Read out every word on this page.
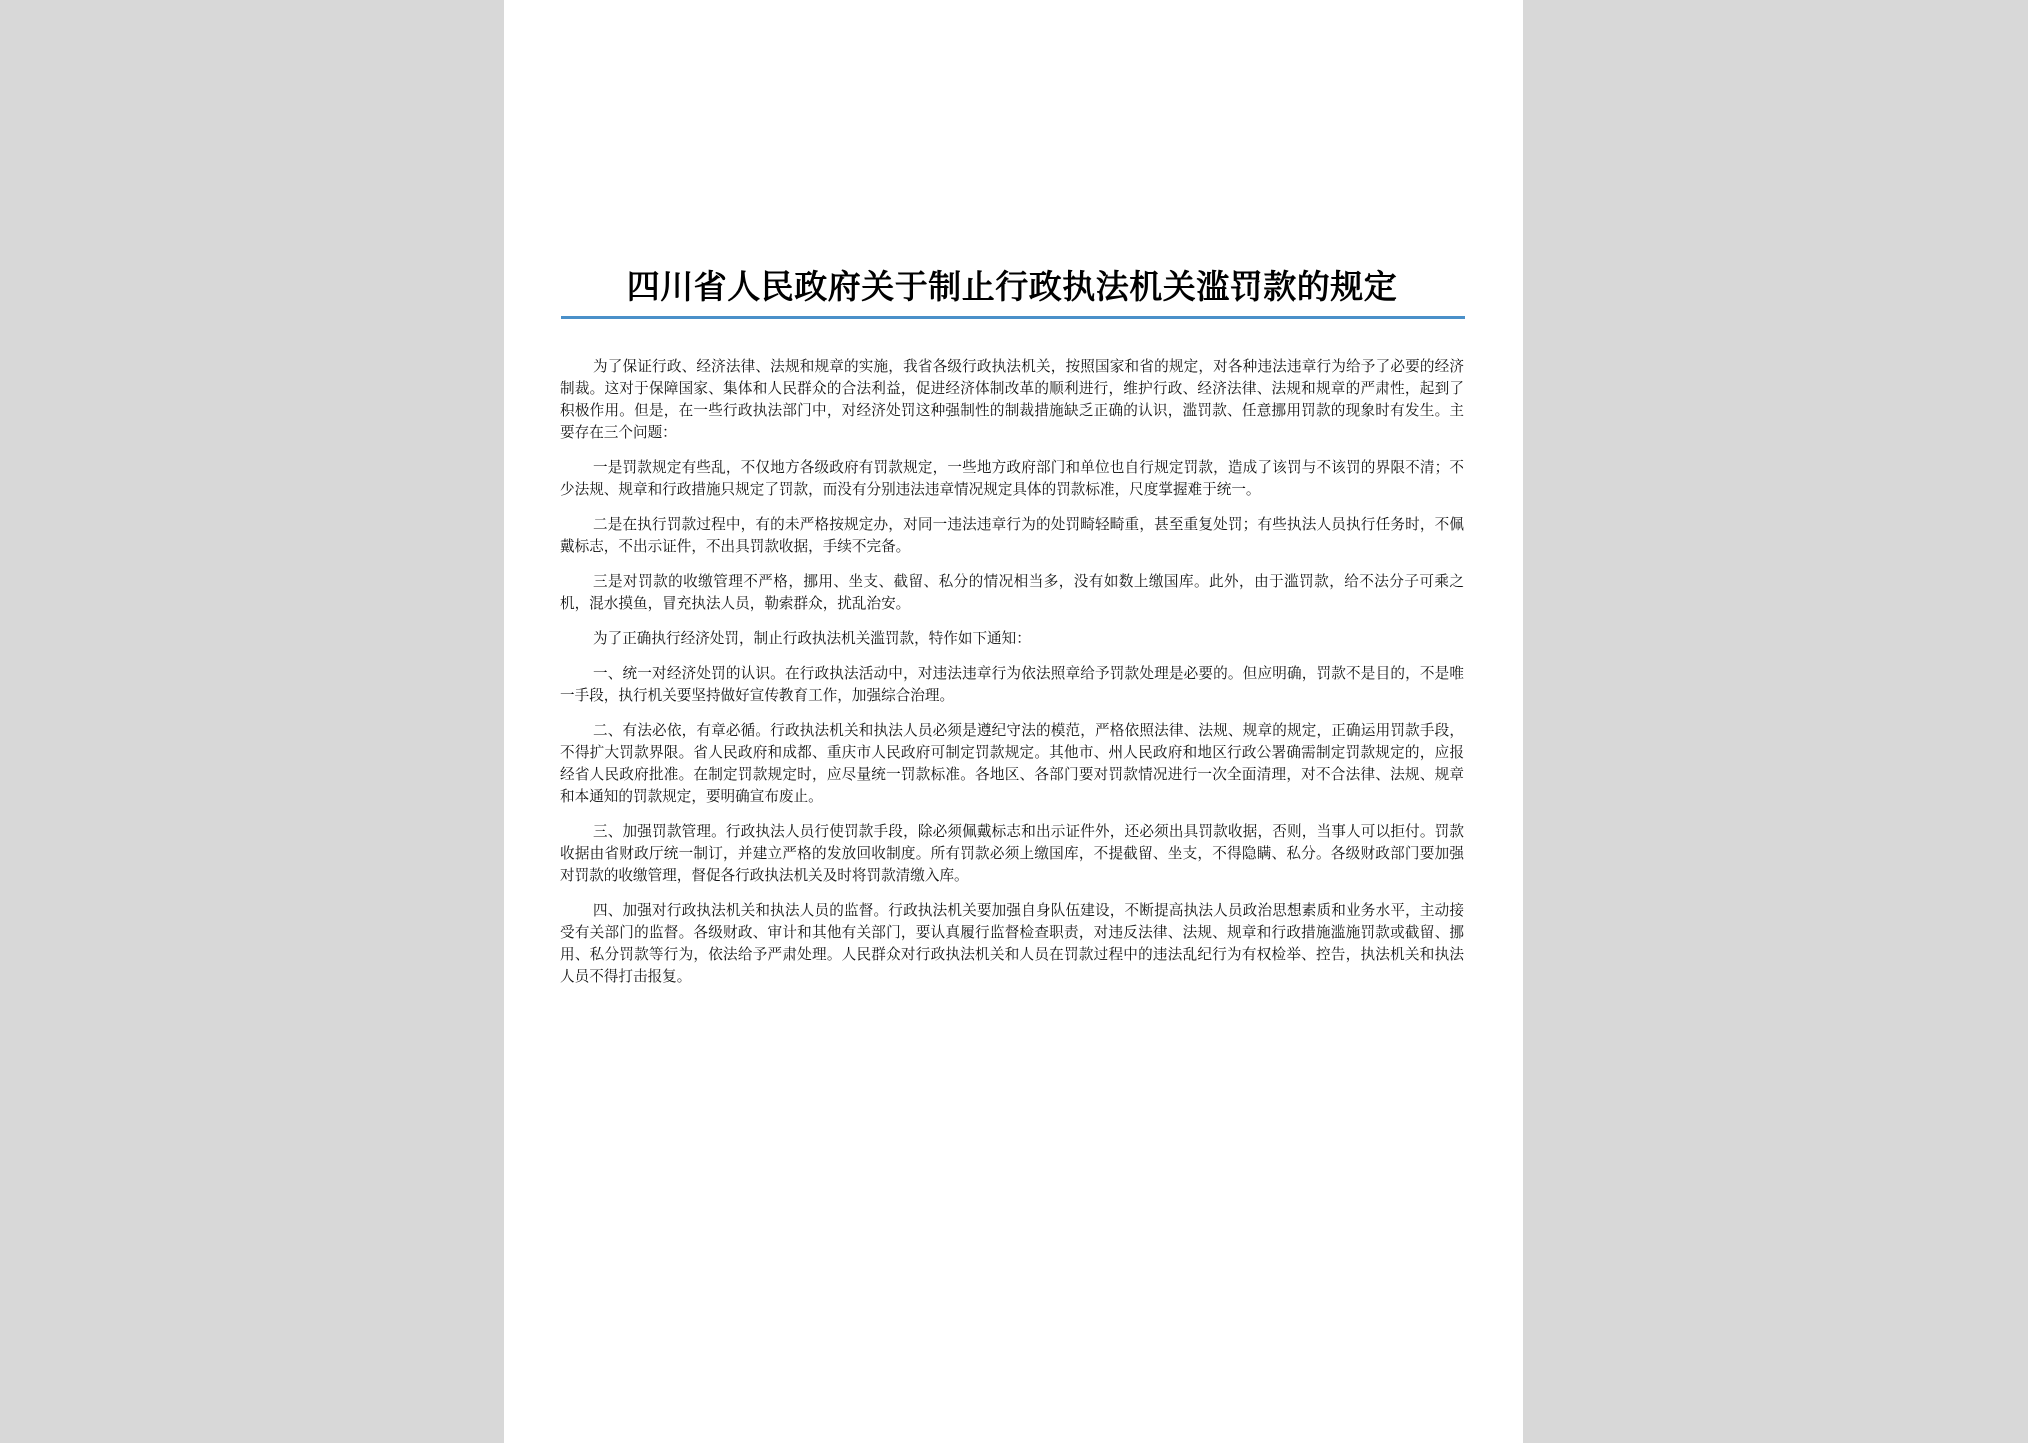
四川省人民政府关于制止行政执法机关滥罚款的规定

为了保证行政、经济法律、法规和规章的实施，我省各级行政执法机关，按照国家和省的规定，对各种违法违章行为给予了必要的经济制裁。这对于保障国家、集体和人民群众的合法利益，促进经济体制改革的顺利进行，维护行政、经济法律、法规和规章的严肃性，起到了积极作用。但是，在一些行政执法部门中，对经济处罚这种强制性的制裁措施缺乏正确的认识，滥罚款、任意挪用罚款的现象时有发生。主要存在三个问题：

一是罚款规定有些乱，不仅地方各级政府有罚款规定，一些地方政府部门和单位也自行规定罚款，造成了该罚与不该罚的界限不清；不少法规、规章和行政措施只规定了罚款，而没有分别违法违章情况规定具体的罚款标准，尺度掌握难于统一。

二是在执行罚款过程中，有的未严格按规定办，对同一违法违章行为的处罚畸轻畸重，甚至重复处罚；有些执法人员执行任务时，不佩戴标志，不出示证件，不出具罚款收据，手续不完备。

三是对罚款的收缴管理不严格，挪用、坐支、截留、私分的情况相当多，没有如数上缴国库。此外，由于滥罚款，给不法分子可乘之机，混水摸鱼，冒充执法人员，勒索群众，扰乱治安。

为了正确执行经济处罚，制止行政执法机关滥罚款，特作如下通知：

一、统一对经济处罚的认识。在行政执法活动中，对违法违章行为依法照章给予罚款处理是必要的。但应明确，罚款不是目的，不是唯一手段，执行机关要坚持做好宣传教育工作，加强综合治理。

二、有法必依，有章必循。行政执法机关和执法人员必须是遵纪守法的模范，严格依照法律、法规、规章的规定，正确运用罚款手段，不得扩大罚款界限。省人民政府和成都、重庆市人民政府可制定罚款规定。其他市、州人民政府和地区行政公署确需制定罚款规定的，应报经省人民政府批准。在制定罚款规定时，应尽量统一罚款标准。各地区、各部门要对罚款情况进行一次全面清理，对不合法律、法规、规章和本通知的罚款规定，要明确宣布废止。

三、加强罚款管理。行政执法人员行使罚款手段，除必须佩戴标志和出示证件外，还必须出具罚款收据，否则，当事人可以拒付。罚款收据由省财政厅统一制订，并建立严格的发放回收制度。所有罚款必须上缴国库，不提截留、坐支，不得隐瞒、私分。各级财政部门要加强对罚款的收缴管理，督促各行政执法机关及时将罚款清缴入库。

四、加强对行政执法机关和执法人员的监督。行政执法机关要加强自身队伍建设，不断提高执法人员政治思想素质和业务水平，主动接受有关部门的监督。各级财政、审计和其他有关部门，要认真履行监督检查职责，对违反法律、法规、规章和行政措施滥施罚款或截留、挪用、私分罚款等行为，依法给予严肃处理。人民群众对行政执法机关和人员在罚款过程中的违法乱纪行为有权检举、控告，执法机关和执法人员不得打击报复。
